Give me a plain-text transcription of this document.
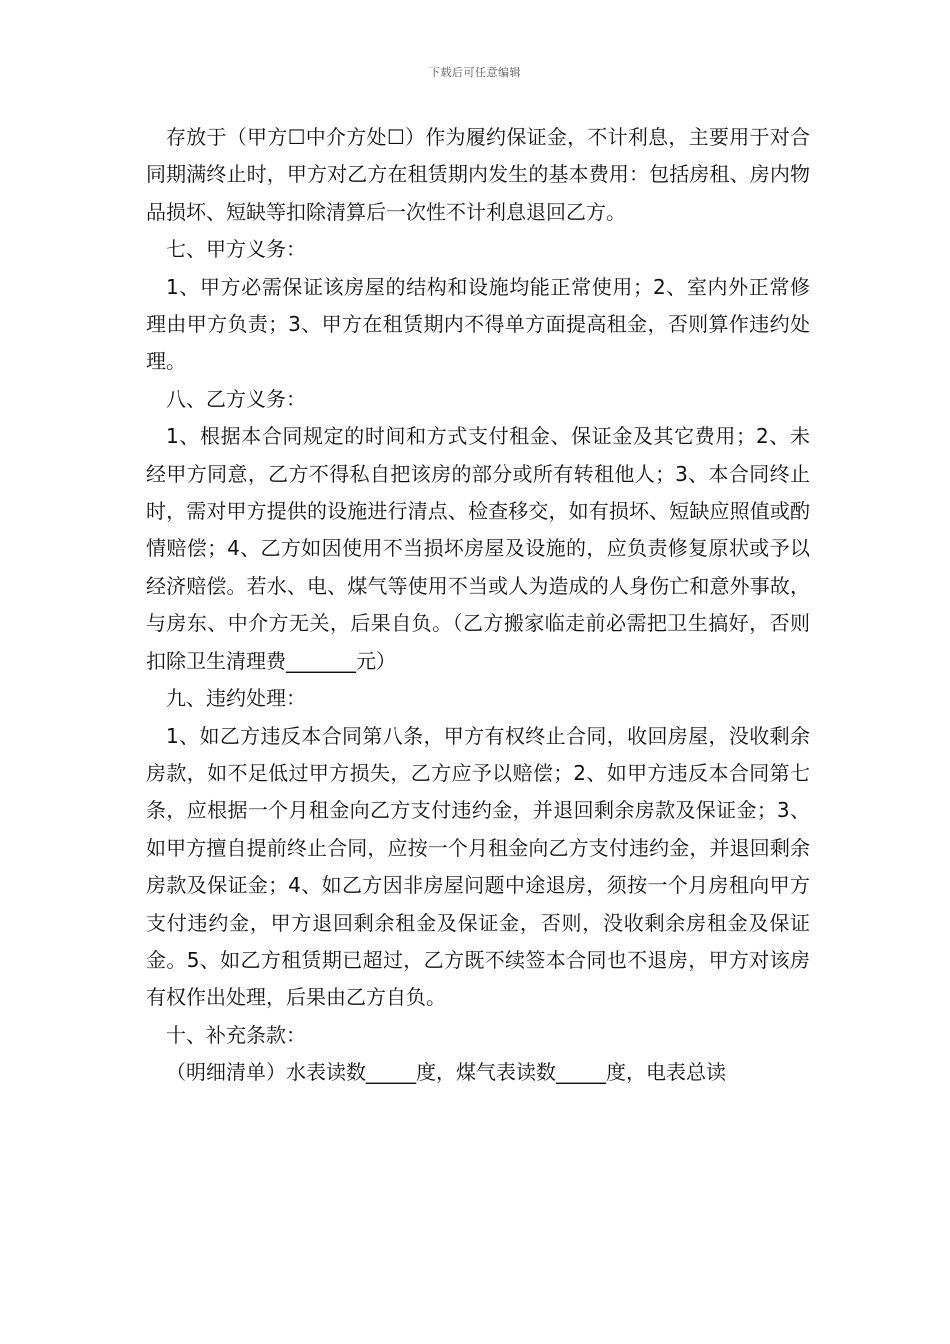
下载后可任意编辑

存放于（甲方☐中介方处☐）作为履约保证金，不计利息，主要用于对合同期满终止时，甲方对乙方在租赁期内发生的基本费用：包括房租、房内物品损坏、短缺等扣除清算后一次性不计利息退回乙方。

七、甲方义务：

1、甲方必需保证该房屋的结构和设施均能正常使用；2、室内外正常修理由甲方负责；3、甲方在租赁期内不得单方面提高租金，否则算作违约处理。

八、乙方义务：

1、根据本合同规定的时间和方式支付租金、保证金及其它费用；2、未经甲方同意，乙方不得私自把该房的部分或所有转租他人；3、本合同终止时，需对甲方提供的设施进行清点、检查移交，如有损坏、短缺应照值或酌情赔偿；4、乙方如因使用不当损坏房屋及设施的，应负责修复原状或予以经济赔偿。若水、电、煤气等使用不当或人为造成的人身伤亡和意外事故，与房东、中介方无关，后果自负。（乙方搬家临走前必需把卫生搞好，否则扣除卫生清理费_______元）

九、违约处理：

1、如乙方违反本合同第八条，甲方有权终止合同，收回房屋，没收剩余房款，如不足低过甲方损失，乙方应予以赔偿；2、如甲方违反本合同第七条，应根据一个月租金向乙方支付违约金，并退回剩余房款及保证金；3、如甲方擅自提前终止合同，应按一个月租金向乙方支付违约金，并退回剩余房款及保证金；4、如乙方因非房屋问题中途退房，须按一个月房租向甲方支付违约金，甲方退回剩余租金及保证金，否则，没收剩余房租金及保证金。5、如乙方租赁期已超过，乙方既不续签本合同也不退房，甲方对该房有权作出处理，后果由乙方自负。

十、补充条款：

（明细清单）水表读数_____度，煤气表读数_____度，电表总读
